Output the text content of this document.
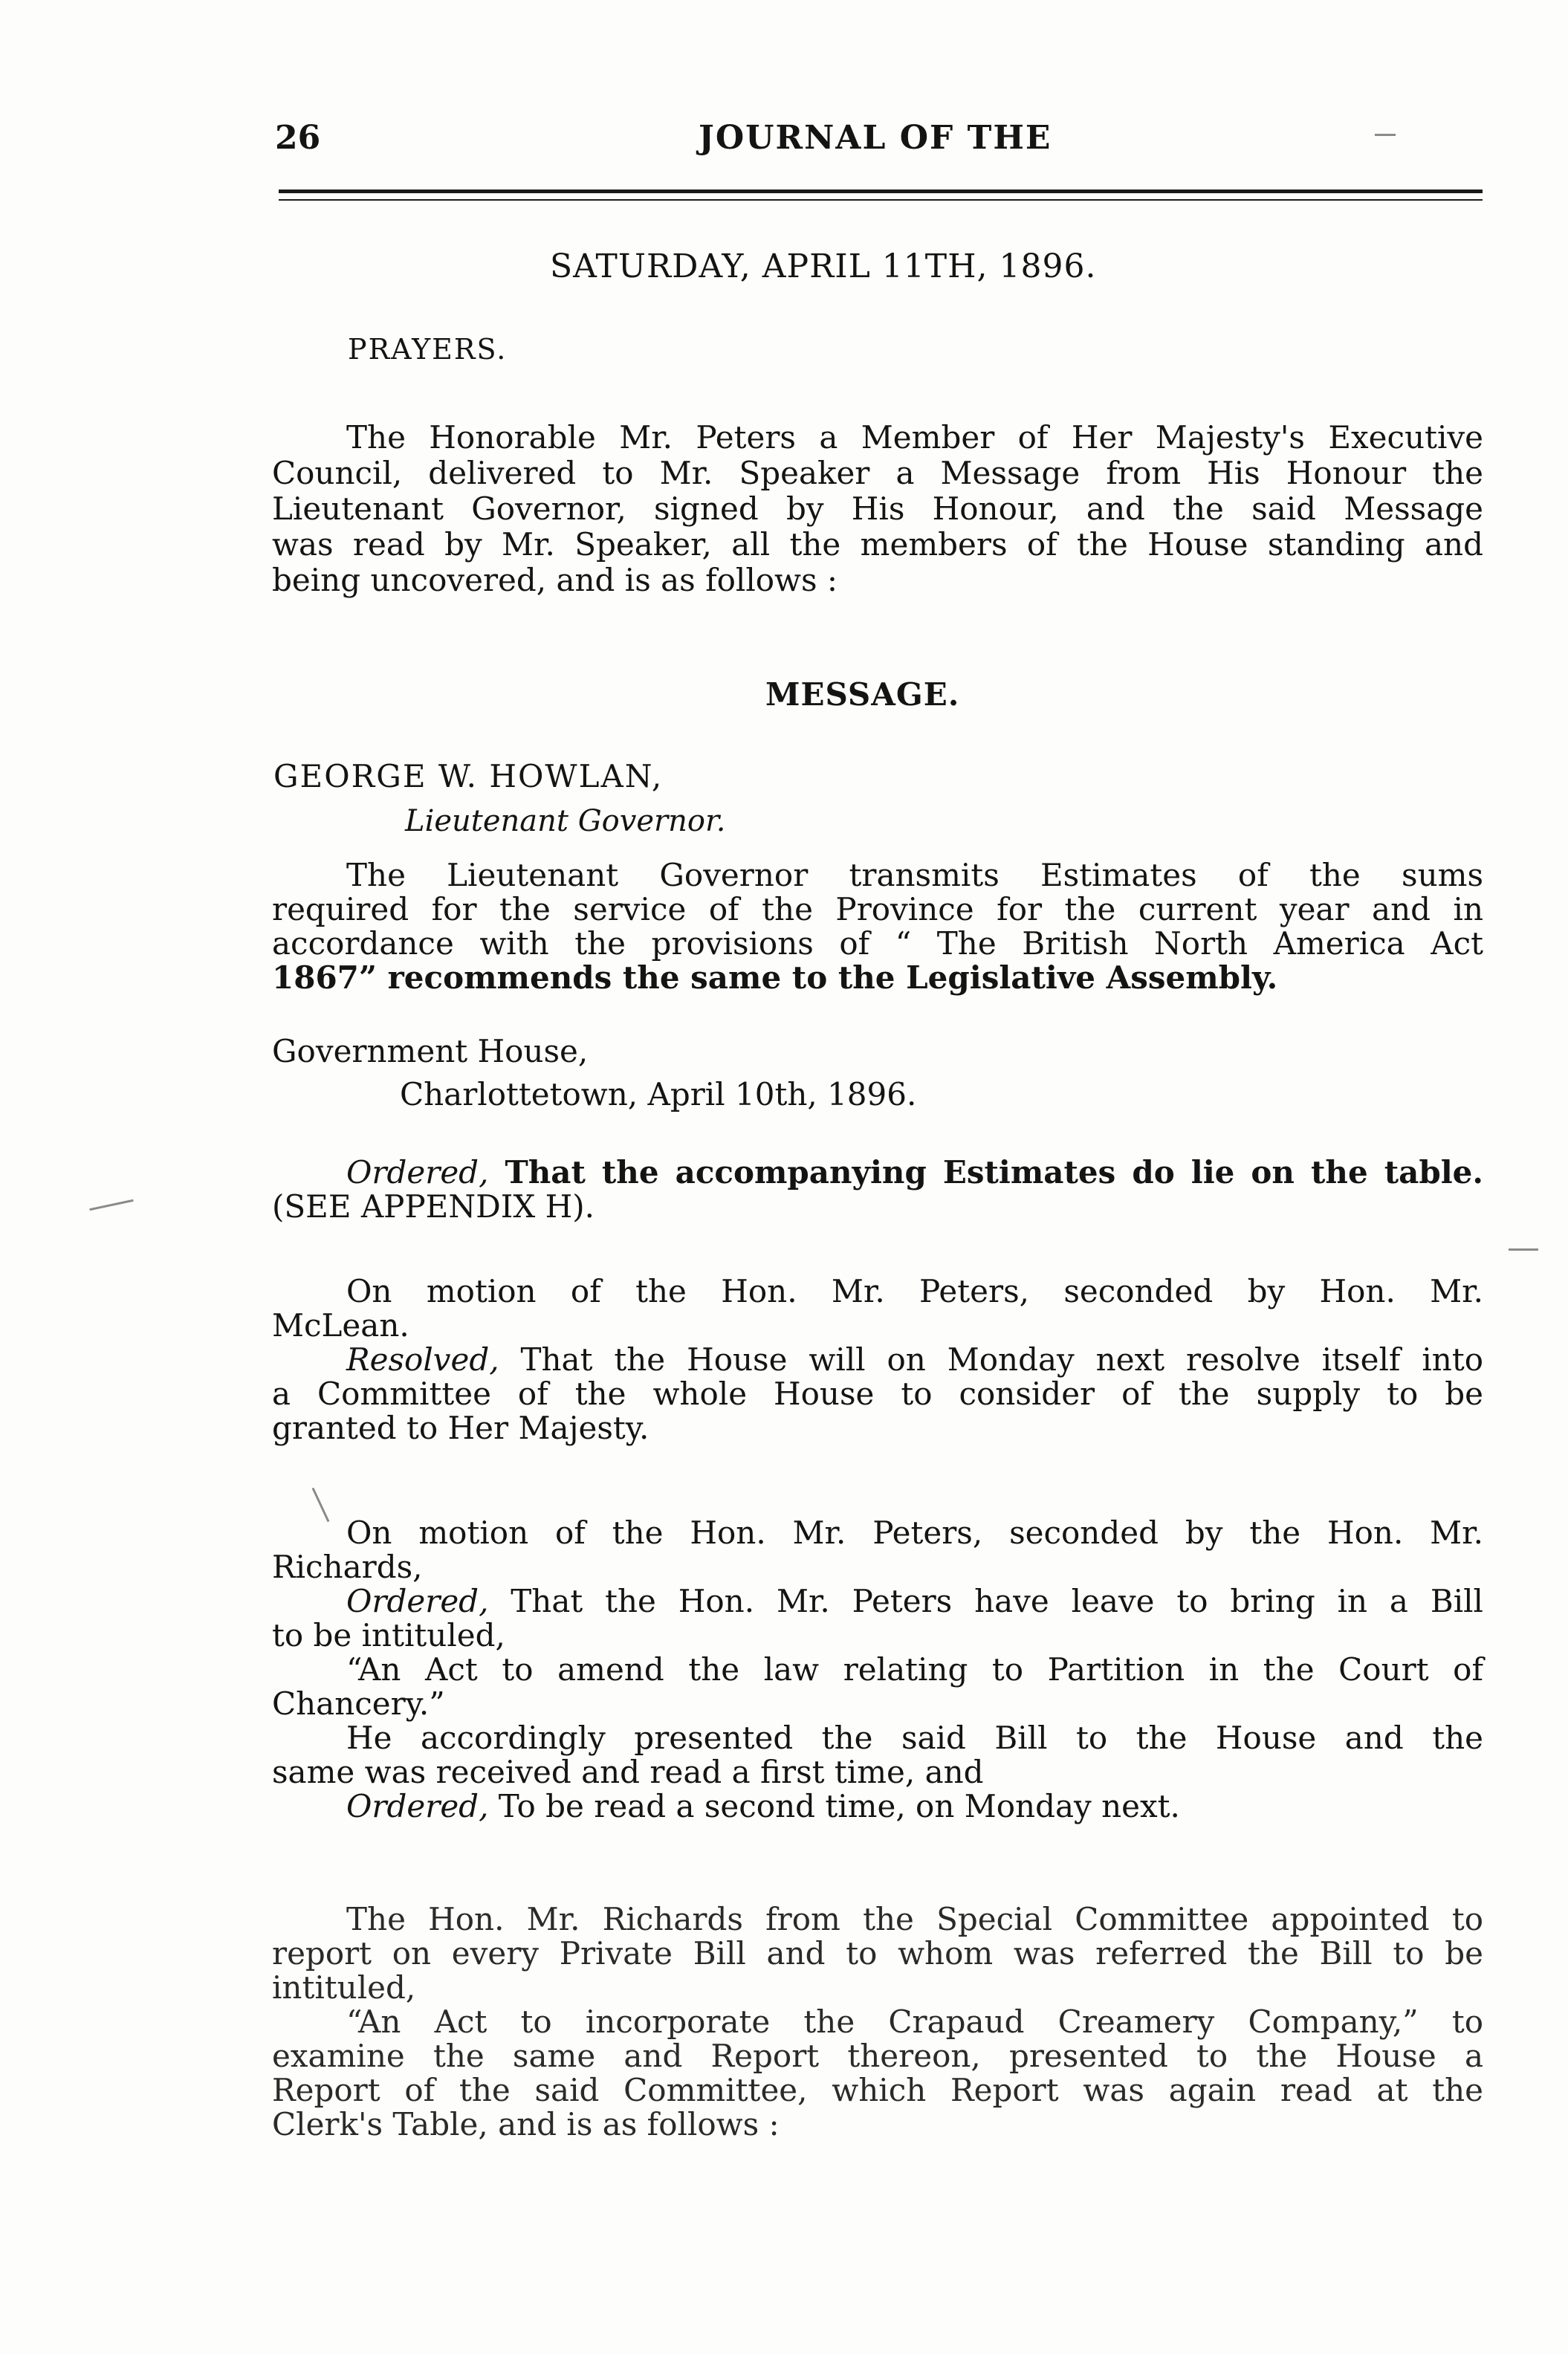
26	JOURNAL OF THE
SATURDAY, APRIL 11TH, 1896.
PRAYERS.
The Honorable Mr. Peters a Member of Her Majesty's Executive
Council, delivered to Mr. Speaker a Message from His Honour the
Lieutenant Governor, signed by His Honour, and the said Message
was read by Mr. Speaker, all the members of the House standing and
being uncovered, and is as follows :
MESSAGE.
GEORGE W. HOWLAN,
Lieutenant Governor.
The Lieutenant Governor transmits Estimates of the sums
required for the service of the Province for the current year and in
accordance with the provisions of “ The British North America Act
1867” recommends the same to the Legislative Assembly.
Government House,
Charlottetown, April 10th, 1896.
Ordered, That the accompanying Estimates do lie on the table.
(SEE APPENDIX H).
On motion of the Hon. Mr. Peters, seconded by Hon. Mr.
McLean.
Resolved, That the House will on Monday next resolve itself into
a Committee of the whole House to consider of the supply to be
granted to Her Majesty.
On motion of the Hon. Mr. Peters, seconded by the Hon. Mr.
Richards,
Ordered, That the Hon. Mr. Peters have leave to bring in a Bill
to be intituled,
“An Act to amend the law relating to Partition in the Court of
Chancery.”
He accordingly presented the said Bill to the House and the
same was received and read a first time, and
Ordered, To be read a second time, on Monday next.
The Hon. Mr. Richards from the Special Committee appointed to
report on every Private Bill and to whom was referred the Bill to be
intituled,
“An Act to incorporate the Crapaud Creamery Company,” to
examine the same and Report thereon, presented to the House a
Report of the said Committee, which Report was again read at the
Clerk's Table, and is as follows :
